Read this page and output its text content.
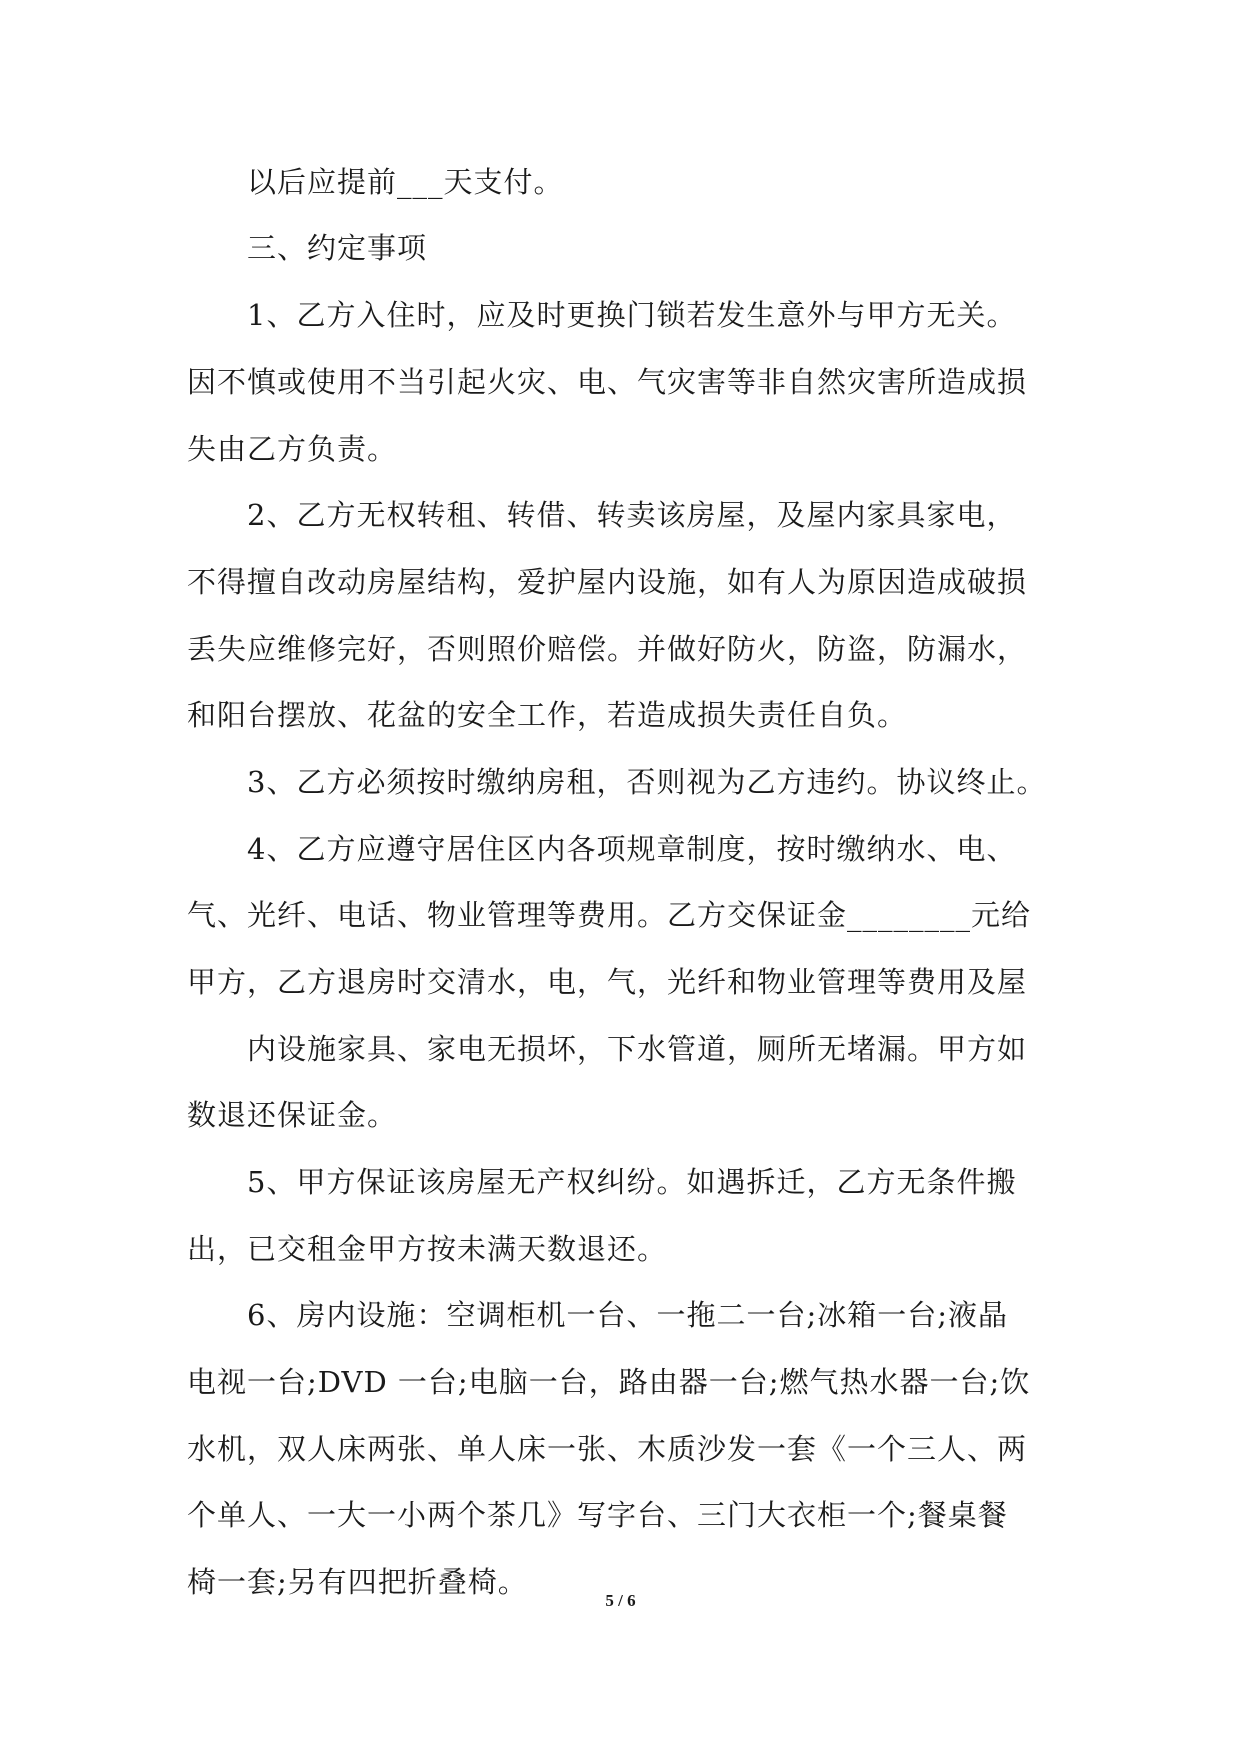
以后应提前___天支付。
三、约定事项
1、乙方入住时，应及时更换门锁若发生意外与甲方无关。
因不慎或使用不当引起火灾、电、气灾害等非自然灾害所造成损
失由乙方负责。
2、乙方无权转租、转借、转卖该房屋，及屋内家具家电，
不得擅自改动房屋结构，爱护屋内设施，如有人为原因造成破损
丢失应维修完好，否则照价赔偿。并做好防火，防盗，防漏水，
和阳台摆放、花盆的安全工作，若造成损失责任自负。
3、乙方必须按时缴纳房租，否则视为乙方违约。协议终止。
4、乙方应遵守居住区内各项规章制度，按时缴纳水、电、
气、光纤、电话、物业管理等费用。乙方交保证金________元给
甲方，乙方退房时交清水，电，气，光纤和物业管理等费用及屋
内设施家具、家电无损坏，下水管道，厕所无堵漏。甲方如
数退还保证金。
5、甲方保证该房屋无产权纠纷。如遇拆迁，乙方无条件搬
出，已交租金甲方按未满天数退还。
6、房内设施：空调柜机一台、一拖二一台;冰箱一台;液晶
电视一台;DVD 一台;电脑一台，路由器一台;燃气热水器一台;饮
水机，双人床两张、单人床一张、木质沙发一套《一个三人、两
个单人、一大一小两个茶几》写字台、三门大衣柜一个;餐桌餐
椅一套;另有四把折叠椅。
5 / 6
